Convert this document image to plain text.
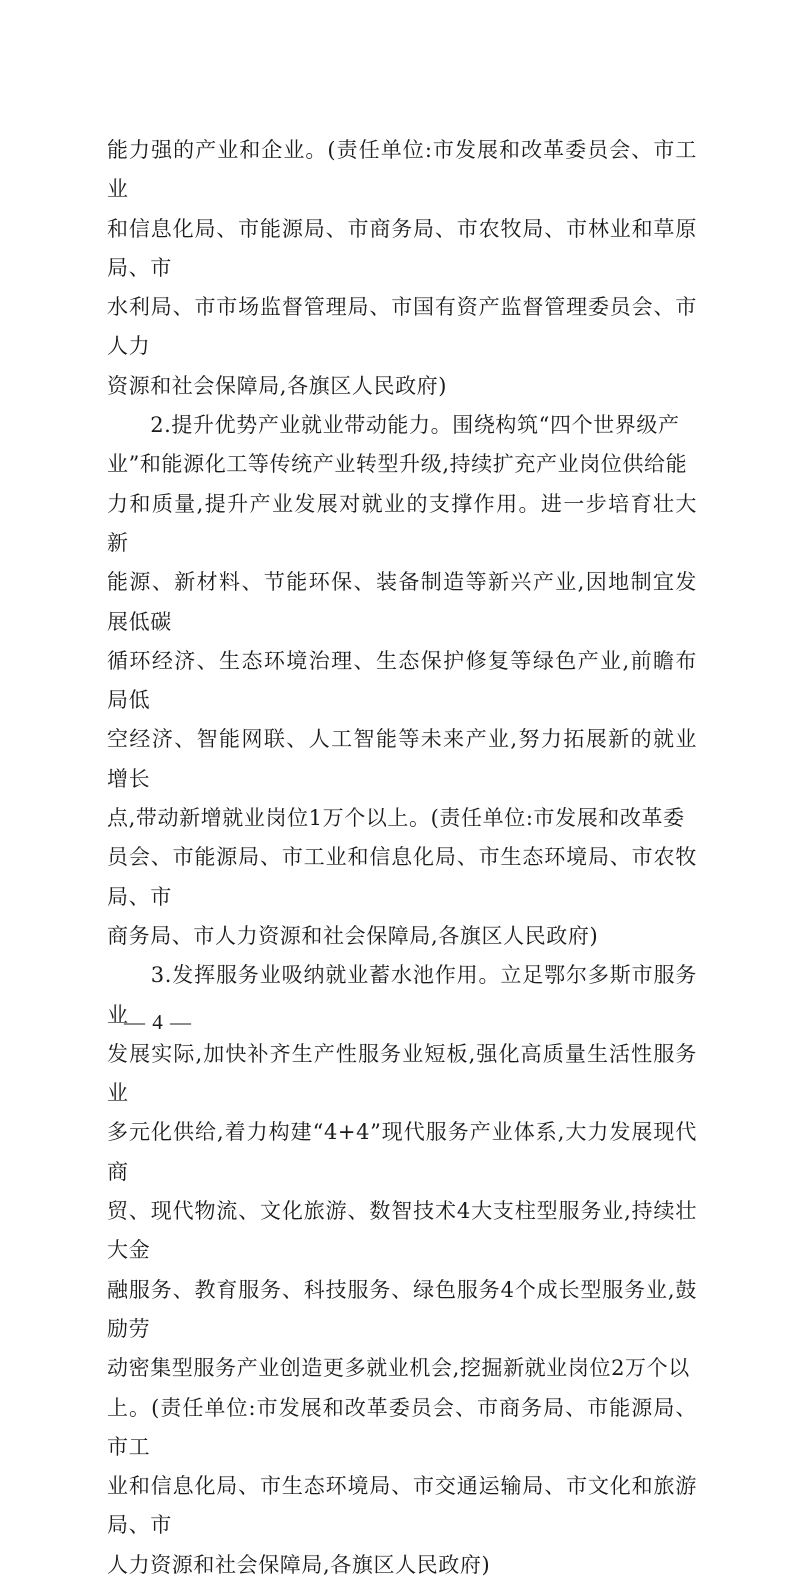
能力强的产业和企业。(责任单位:市发展和改革委员会、市工业
和信息化局、市能源局、市商务局、市农牧局、市林业和草原局、市
水利局、市市场监督管理局、市国有资产监督管理委员会、市人力
资源和社会保障局,各旗区人民政府)

　　2.提升优势产业就业带动能力。围绕构筑“四个世界级产
业”和能源化工等传统产业转型升级,持续扩充产业岗位供给能
力和质量,提升产业发展对就业的支撑作用。进一步培育壮大新
能源、新材料、节能环保、装备制造等新兴产业,因地制宜发展低碳
循环经济、生态环境治理、生态保护修复等绿色产业,前瞻布局低
空经济、智能网联、人工智能等未来产业,努力拓展新的就业增长
点,带动新增就业岗位1万个以上。(责任单位:市发展和改革委
员会、市能源局、市工业和信息化局、市生态环境局、市农牧局、市
商务局、市人力资源和社会保障局,各旗区人民政府)

　　3.发挥服务业吸纳就业蓄水池作用。立足鄂尔多斯市服务业
发展实际,加快补齐生产性服务业短板,强化高质量生活性服务业
多元化供给,着力构建“4+4”现代服务产业体系,大力发展现代商
贸、现代物流、文化旅游、数智技术4大支柱型服务业,持续壮大金
融服务、教育服务、科技服务、绿色服务4个成长型服务业,鼓励劳
动密集型服务产业创造更多就业机会,挖掘新就业岗位2万个以
上。(责任单位:市发展和改革委员会、市商务局、市能源局、市工
业和信息化局、市生态环境局、市交通运输局、市文化和旅游局、市
人力资源和社会保障局,各旗区人民政府)

— 4 —
